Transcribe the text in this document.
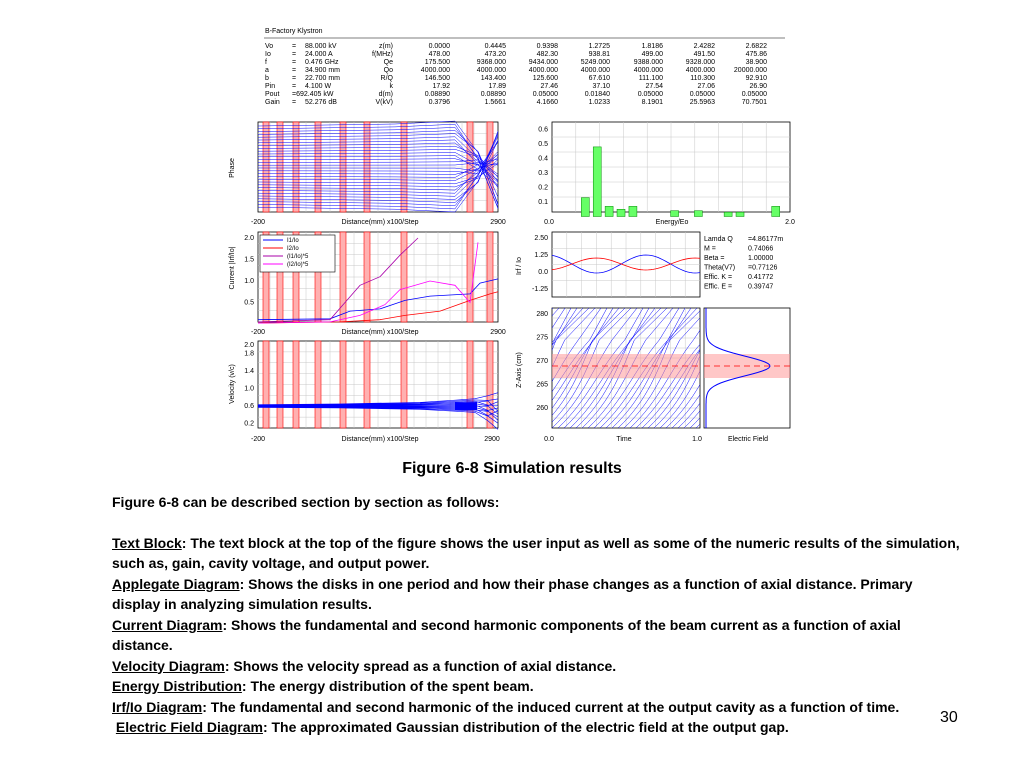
B-Factory Klystron
Vo	= 88.000 kV
Io	= 24.000 A
f	= 0.476 GHz
a	= 34.900 mm
b	= 22.700 mm
Pin = 4.100 W
Pout =692.405 kW
Gain = 52.276 dB
z(m)	0.0000	0.4445	0.9398	1.2725	1.8186	2.4282	2.6822
f(MHz)	478.00	473.20	482.30	938.81	499.00	491.50	475.86
Qe	175.500	9368.000	9434.000	5249.000	9388.000	9328.000	38.900
Qo	4000.000	4000.000	4000.000	4000.000	4000.000	4000.000	20000.000
R/Q	146.500	143.400	125.600	67.610	111.100	110.300	92.910
k	17.92	17.89	27.46	37.10	27.54	27.06	26.90
d(m)	0.08890	0.08890	0.05000	0.01840	0.05000	0.05000	0.05000
V(kV)	0.3796	1.5661	4.1660	1.0233	8.1901	25.5963	70.7501
Phase
-200	Distance(mm) x100/Step	2900
0.6
0.5
0.4
0.3
0.2
0.1
0.0	Energy/Eo	2.0
Current |Irf/Io|
2.0
1.5
1.0
0.5
I1/Io
I2/Io
(I1/Io)*5
(I2/Io)*5
-200	Distance(mm) x100/Step	2900
Velocity (v/c)
2.0
1.8
1.4
1.0
0.6
0.2
-200	Distance(mm) x100/Step	2900
Irf / Io
2.50
1.25
0.0
-1.25
Lamda Q =4.86177m
M =	0.74066
Beta =	1.00000
Theta(V7) =0.77126
Effic. K = 0.41772
Effic. E = 0.39747
Z-Axis (cm)
280
275
270
265
260
0.0	Time	1.0	Electric Field
Figure 6-8 Simulation results

Figure 6-8 can be described section by section as follows:

Text Block: The text block at the top of the figure shows the user input as well as some of the numeric results of the simulation, such as, gain, cavity voltage, and output power.

Applegate Diagram: Shows the disks in one period and how their phase changes as a function of axial distance. Primary display in analyzing simulation results.

Current Diagram: Shows the fundamental and second harmonic components of the beam current as a function of axial distance.

Velocity Diagram: Shows the velocity spread as a function of axial distance.

Energy Distribution: The energy distribution of the spent beam.

Irf/Io Diagram: The fundamental and second harmonic of the induced current at the output cavity as a function of time.

Electric Field Diagram: The approximated Gaussian distribution of the electric field at the output gap.

30
